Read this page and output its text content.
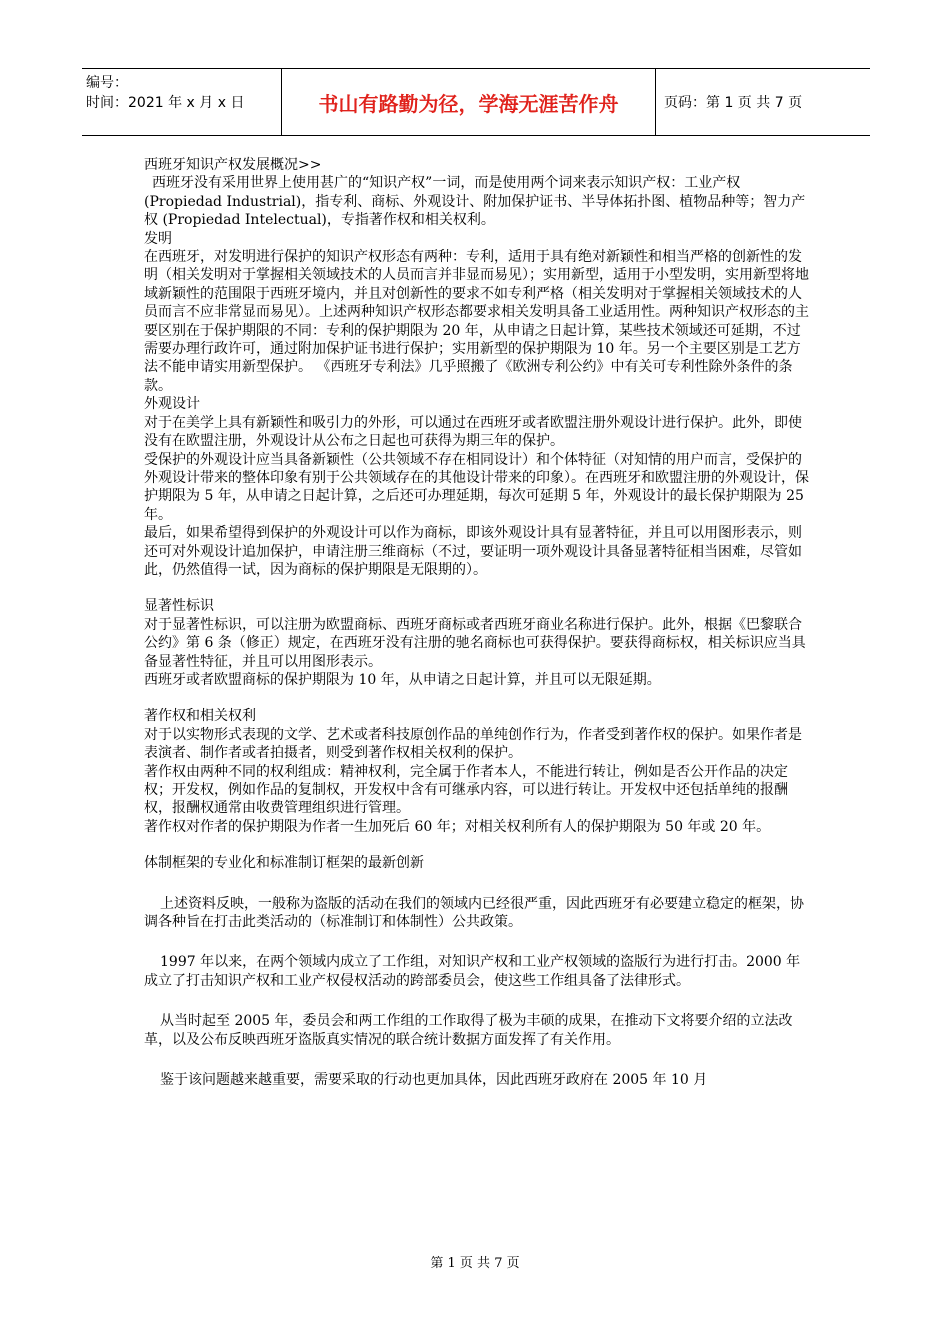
编号：
时间：2021 年 x 月 x 日	书山有路勤为径，学海无涯苦作舟	页码：第 1 页 共 7 页

西班牙知识产权发展概况>>

西班牙没有采用世界上使用甚广的“知识产权”一词，而是使用两个词来表示知识产权：工业产权 (Propiedad Industrial)，指专利、商标、外观设计、附加保护证书、半导体拓扑图、植物品种等；智力产权 (Propiedad Intelectual)，专指著作权和相关权利。

发明

在西班牙，对发明进行保护的知识产权形态有两种：专利，适用于具有绝对新颖性和相当严格的创新性的发明（相关发明对于掌握相关领域技术的人员而言并非显而易见）；实用新型，适用于小型发明，实用新型将地域新颖性的范围限于西班牙境内，并且对创新性的要求不如专利严格（相关发明对于掌握相关领域技术的人员而言不应非常显而易见）。上述两种知识产权形态都要求相关发明具备工业适用性。两种知识产权形态的主要区别在于保护期限的不同：专利的保护期限为 20 年，从申请之日起计算，某些技术领域还可延期，不过需要办理行政许可，通过附加保护证书进行保护；实用新型的保护期限为 10 年。另一个主要区别是工艺方法不能申请实用新型保护。 《西班牙专利法》几乎照搬了《欧洲专利公约》中有关可专利性除外条件的条款。

外观设计

对于在美学上具有新颖性和吸引力的外形，可以通过在西班牙或者欧盟注册外观设计进行保护。此外，即使没有在欧盟注册，外观设计从公布之日起也可获得为期三年的保护。

受保护的外观设计应当具备新颖性（公共领域不存在相同设计）和个体特征（对知情的用户而言，受保护的外观设计带来的整体印象有别于公共领域存在的其他设计带来的印象）。在西班牙和欧盟注册的外观设计，保护期限为 5 年，从申请之日起计算，之后还可办理延期，每次可延期 5 年，外观设计的最长保护期限为 25 年。

最后，如果希望得到保护的外观设计可以作为商标，即该外观设计具有显著特征，并且可以用图形表示，则还可对外观设计追加保护，申请注册三维商标（不过，要证明一项外观设计具备显著特征相当困难，尽管如此，仍然值得一试，因为商标的保护期限是无限期的）。

显著性标识

对于显著性标识，可以注册为欧盟商标、西班牙商标或者西班牙商业名称进行保护。此外，根据《巴黎联合公约》第 6 条（修正）规定，在西班牙没有注册的驰名商标也可获得保护。要获得商标权，相关标识应当具备显著性特征，并且可以用图形表示。

西班牙或者欧盟商标的保护期限为 10 年，从申请之日起计算，并且可以无限延期。

著作权和相关权利

对于以实物形式表现的文学、艺术或者科技原创作品的单纯创作行为，作者受到著作权的保护。如果作者是表演者、制作者或者拍摄者，则受到著作权相关权利的保护。

著作权由两种不同的权利组成：精神权利，完全属于作者本人，不能进行转让，例如是否公开作品的决定权；开发权，例如作品的复制权，开发权中含有可继承内容，可以进行转让。开发权中还包括单纯的报酬权，报酬权通常由收费管理组织进行管理。

著作权对作者的保护期限为作者一生加死后 60 年；对相关权利所有人的保护期限为 50 年或 20 年。

体制框架的专业化和标准制订框架的最新创新

上述资料反映，一般称为盗版的活动在我们的领域内已经很严重，因此西班牙有必要建立稳定的框架，协调各种旨在打击此类活动的（标准制订和体制性）公共政策。

1997 年以来，在两个领域内成立了工作组，对知识产权和工业产权领域的盗版行为进行打击。2000 年成立了打击知识产权和工业产权侵权活动的跨部委员会，使这些工作组具备了法律形式。

从当时起至 2005 年，委员会和两工作组的工作取得了极为丰硕的成果，在推动下文将要介绍的立法改革，以及公布反映西班牙盗版真实情况的联合统计数据方面发挥了有关作用。

鉴于该问题越来越重要，需要采取的行动也更加具体，因此西班牙政府在 2005 年 10 月

第 1 页 共 7 页
